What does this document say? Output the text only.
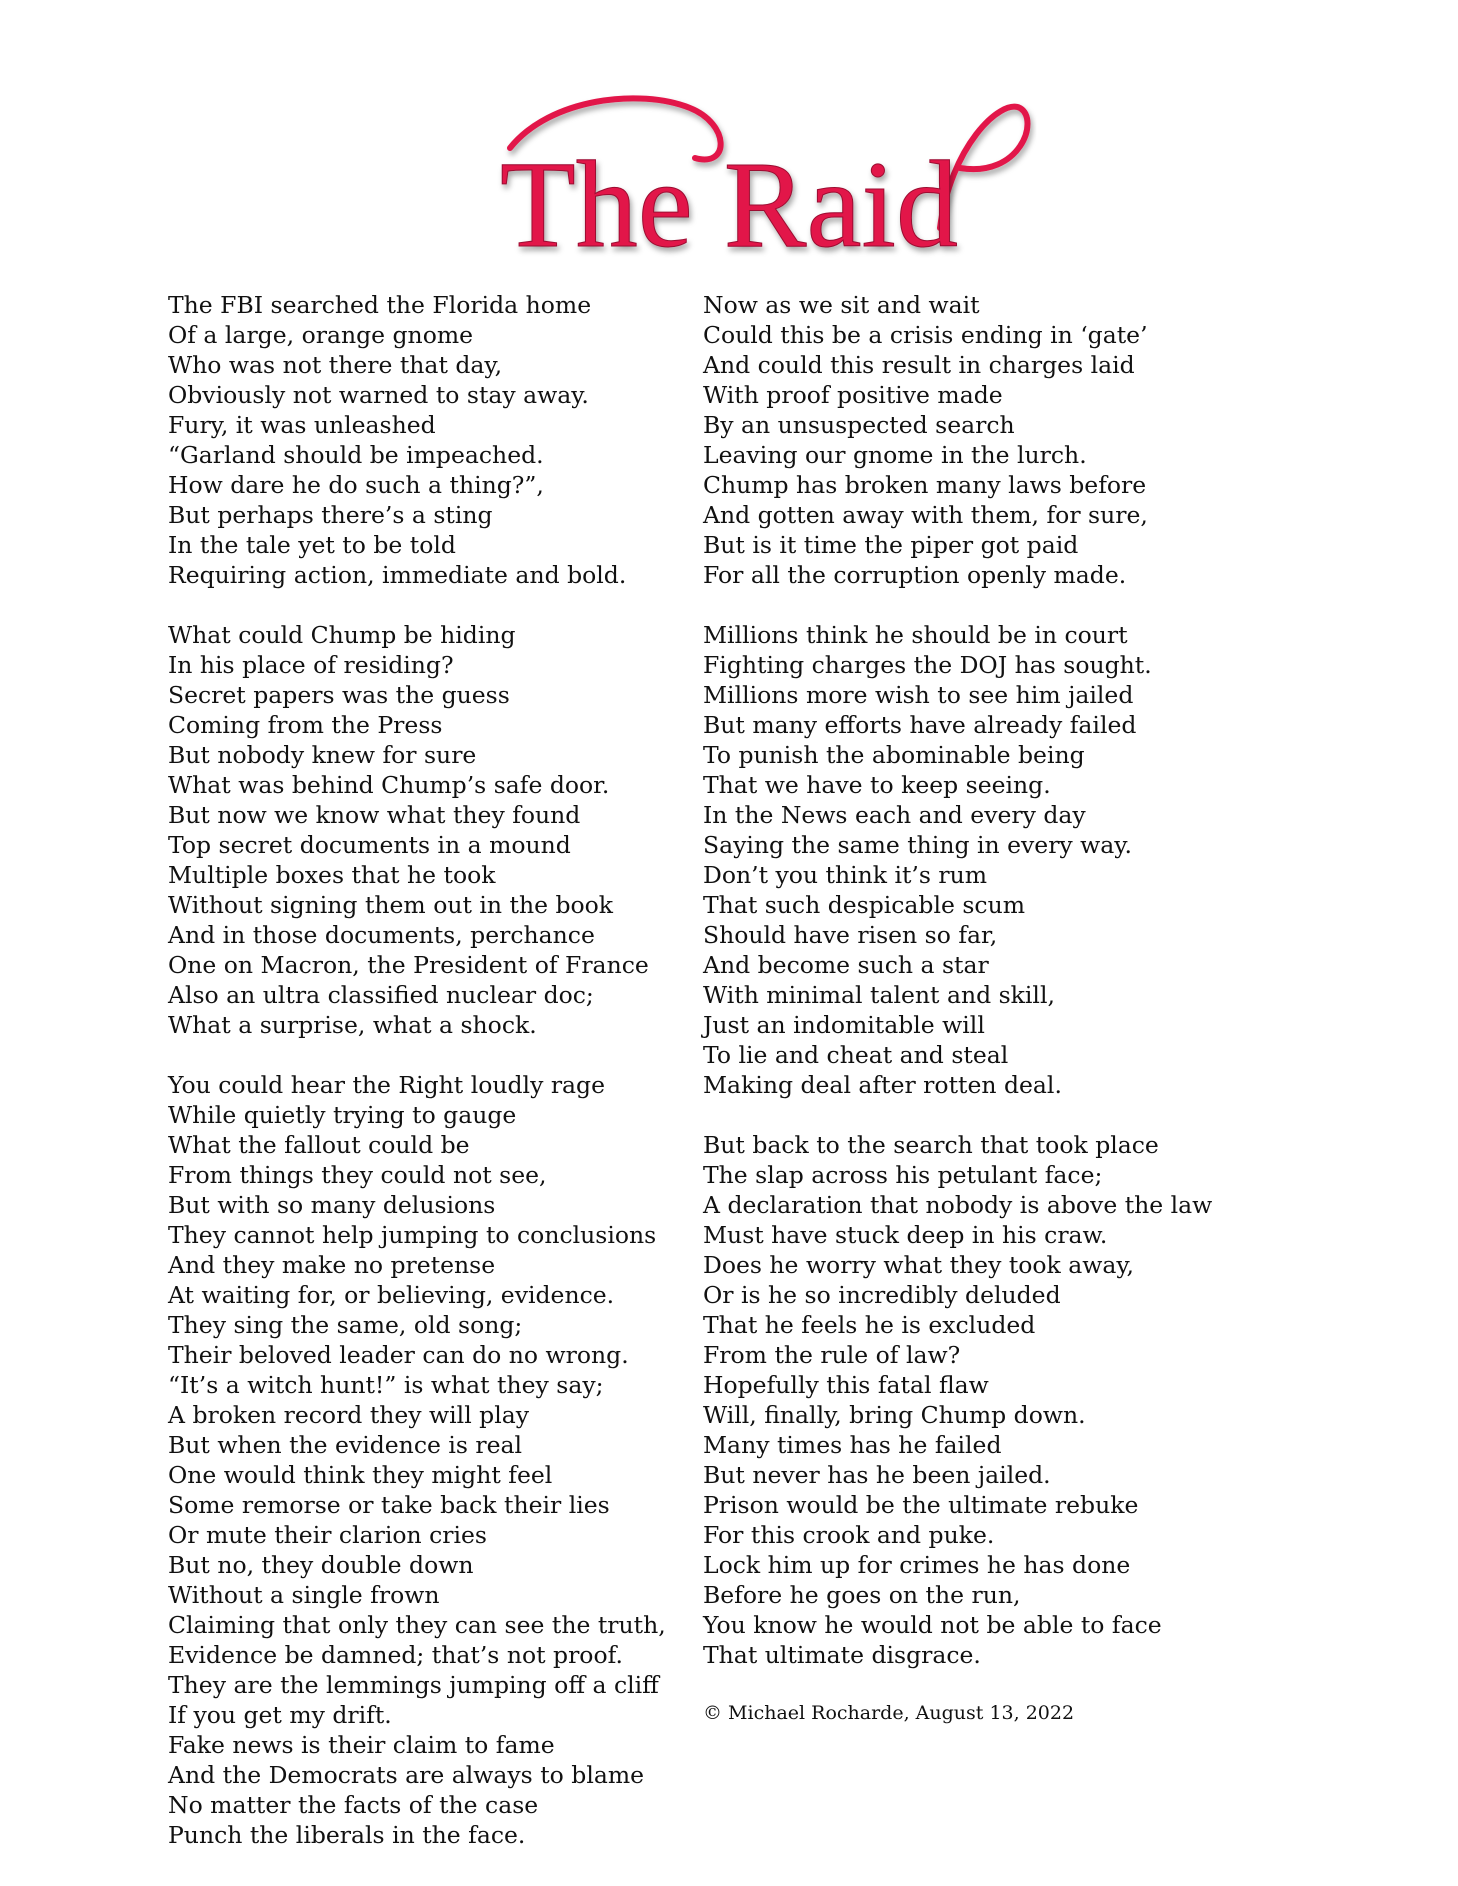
The Raid
The FBI searched the Florida home
Of a large, orange gnome
Who was not there that day,
Obviously not warned to stay away.
Fury, it was unleashed
“Garland should be impeached.
How dare he do such a thing?”,
But perhaps there’s a sting
In the tale yet to be told
Requiring action, immediate and bold.
What could Chump be hiding
In his place of residing?
Secret papers was the guess
Coming from the Press
But nobody knew for sure
What was behind Chump’s safe door.
But now we know what they found
Top secret documents in a mound
Multiple boxes that he took
Without signing them out in the book
And in those documents, perchance
One on Macron, the President of France
Also an ultra classified nuclear doc;
What a surprise, what a shock.
You could hear the Right loudly rage
While quietly trying to gauge
What the fallout could be
From things they could not see,
But with so many delusions
They cannot help jumping to conclusions
And they make no pretense
At waiting for, or believing, evidence.
They sing the same, old song;
Their beloved leader can do no wrong.
“It’s a witch hunt!” is what they say;
A broken record they will play
But when the evidence is real
One would think they might feel
Some remorse or take back their lies
Or mute their clarion cries
But no, they double down
Without a single frown
Claiming that only they can see the truth,
Evidence be damned; that’s not proof.
They are the lemmings jumping off a cliff
If you get my drift.
Fake news is their claim to fame
And the Democrats are always to blame
No matter the facts of the case
Punch the liberals in the face.
Now as we sit and wait
Could this be a crisis ending in ‘gate’
And could this result in charges laid
With proof positive made
By an unsuspected search
Leaving our gnome in the lurch.
Chump has broken many laws before
And gotten away with them, for sure,
But is it time the piper got paid
For all the corruption openly made.
Millions think he should be in court
Fighting charges the DOJ has sought.
Millions more wish to see him jailed
But many efforts have already failed
To punish the abominable being
That we have to keep seeing.
In the News each and every day
Saying the same thing in every way.
Don’t you think it’s rum
That such despicable scum
Should have risen so far,
And become such a star
With minimal talent and skill,
Just an indomitable will
To lie and cheat and steal
Making deal after rotten deal.
But back to the search that took place
The slap across his petulant face;
A declaration that nobody is above the law
Must have stuck deep in his craw.
Does he worry what they took away,
Or is he so incredibly deluded
That he feels he is excluded
From the rule of law?
Hopefully this fatal flaw
Will, finally, bring Chump down.
Many times has he failed
But never has he been jailed.
Prison would be the ultimate rebuke
For this crook and puke.
Lock him up for crimes he has done
Before he goes on the run,
You know he would not be able to face
That ultimate disgrace.
© Michael Rocharde, August 13, 2022
